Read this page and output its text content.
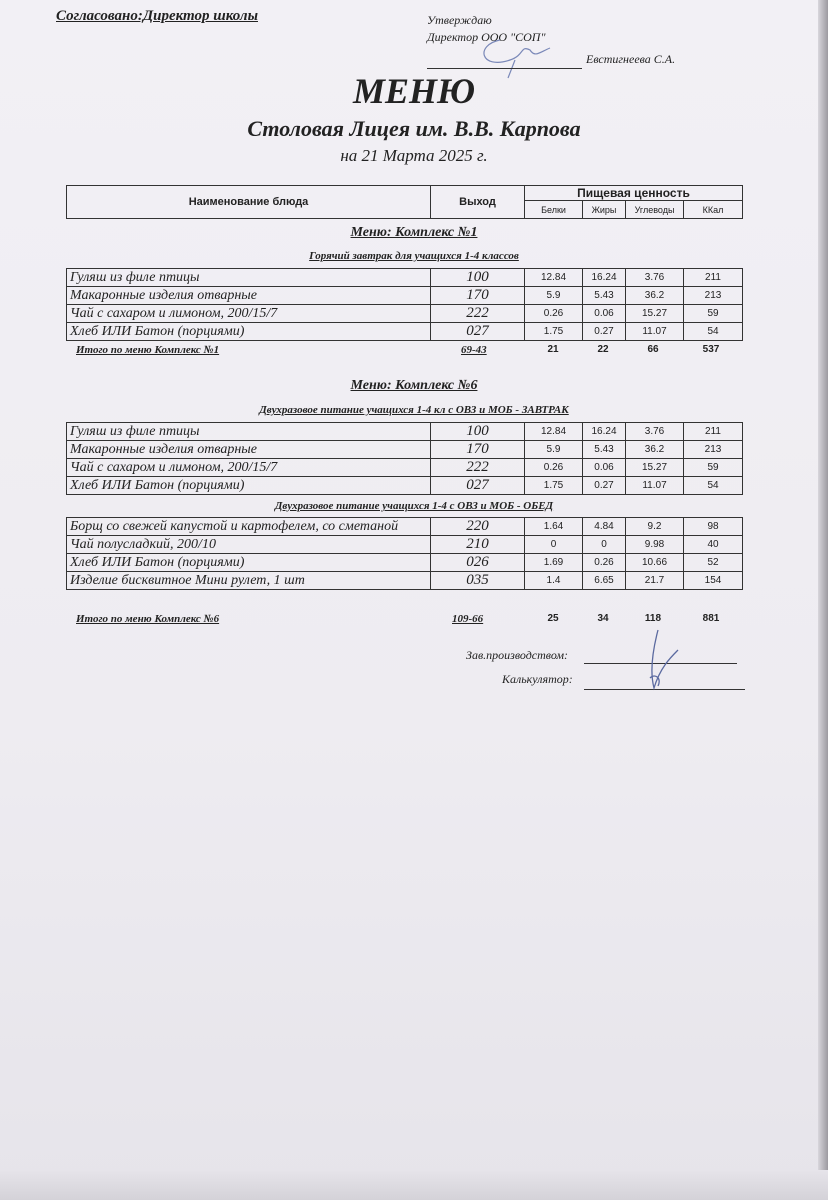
Согласовано:Директор школы	Утверждаю
Директор ООО "СОП"
Евстигнеева С.А.
МЕНЮ
Столовая Лицея им. В.В. Карпова
на 21 Марта 2025 г.
Наименование блюда	Выход	Пищевая ценность			
		Белки	Жиры	Углеводы	ККал
Меню: Комплекс №1
Горячий завтрак для учащихся 1-4 классов
Гуляш из филе птицы	100	12.84	16.24	3.76	211
Макаронные изделия отварные	170	5.9	5.43	36.2	213
Чай с сахаром и лимоном, 200/15/7	222	0.26	0.06	15.27	59
Хлеб ИЛИ Батон (порциями)	027	1.75	0.27	11.07	54
Итого по меню Комплекс №1	69-43	21	22	66	537
Меню: Комплекс №6
Двухразовое питание учащихся 1-4 кл с ОВЗ и МОБ - ЗАВТРАК
Гуляш из филе птицы	100	12.84	16.24	3.76	211
Макаронные изделия отварные	170	5.9	5.43	36.2	213
Чай с сахаром и лимоном, 200/15/7	222	0.26	0.06	15.27	59
Хлеб ИЛИ Батон (порциями)	027	1.75	0.27	11.07	54
Двухразовое питание учащихся 1-4 с ОВЗ и МОБ - ОБЕД
Борщ со свежей капустой и картофелем, со сметаной	220	1.64	4.84	9.2	98
Чай полусладкий, 200/10	210	0	0	9.98	40
Хлеб ИЛИ Батон (порциями)	026	1.69	0.26	10.66	52
Изделие бисквитное Мини рулет, 1 шт	035	1.4	6.65	21.7	154
Итого по меню Комплекс №6	109-66	25	34	118	881
Зав.производством:
Калькулятор:
